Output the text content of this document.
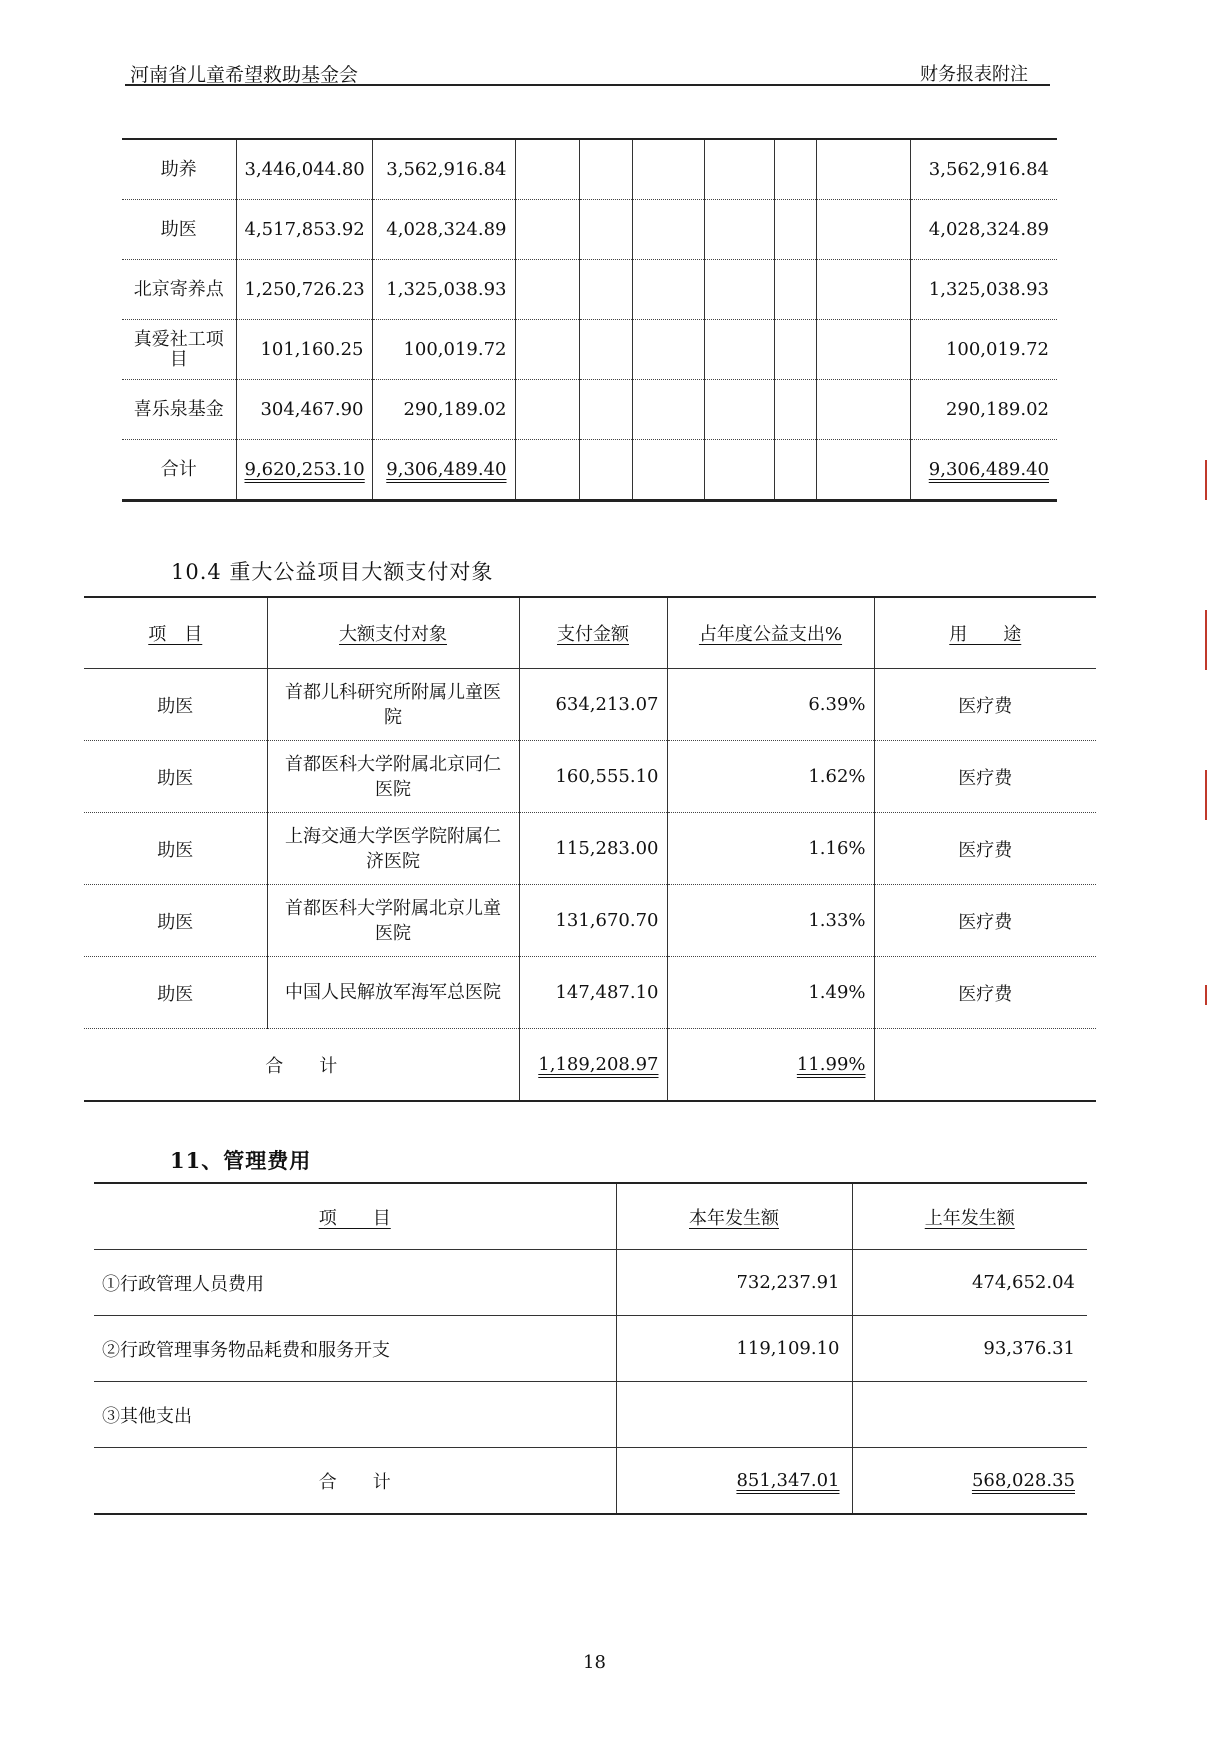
河南省儿童希望救助基金会	财务报表附注
助养	3,446,044.80	3,562,916.84							3,562,916.84
助医	4,517,853.92	4,028,324.89							4,028,324.89
北京寄养点	1,250,726.23	1,325,038.93							1,325,038.93
真爱社工项目	101,160.25	100,019.72							100,019.72
喜乐泉基金	304,467.90	290,189.02							290,189.02
合计	9,620,253.10	9,306,489.40							9,306,489.40
10.4 重大公益项目大额支付对象
项　目	大额支付对象	支付金额	占年度公益支出%	用　　途
助医	首都儿科研究所附属儿童医院	634,213.07	6.39%	医疗费
助医	首都医科大学附属北京同仁医院	160,555.10	1.62%	医疗费
助医	上海交通大学医学院附属仁济医院	115,283.00	1.16%	医疗费
助医	首都医科大学附属北京儿童医院	131,670.70	1.33%	医疗费
助医	中国人民解放军海军总医院	147,487.10	1.49%	医疗费
合　　计		1,189,208.97	11.99%	
11、管理费用
项　　目	本年发生额	上年发生额
①行政管理人员费用	732,237.91	474,652.04
②行政管理事务物品耗费和服务开支	119,109.10	93,376.31
③其他支出		
合　　计	851,347.01	568,028.35
18
